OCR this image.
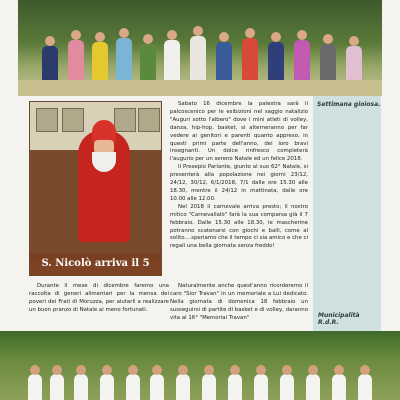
S. Nicolò arriva il 5

Sabato 16 dicembre la palestra sarà il palcoscenico per le esibizioni nel saggio natalizio "Auguri sotto l'albero" dove i mini atleti di volley, danza, hip-hop, basket, si alterneranno per far vedere ai genitori e parenti quanto appreso, in questi primi parte dell'anno, dei loro bravi insegnanti. Un dolce rinfresco completerà l'augurio per un sereno Natale ed un felice 2018.

Il Presepio Parlante, giunto al suo 62° Natale, si presenterà alla popolazione nei giorni 23/12, 24/12, 30/12, 6/1/2018, 7/1 dalle ore 15.30 alle 18.30, mentre il 24/12 in mattinata, dalle ore 10.00 alle 12.00.

Nel 2018 il carnevale arriva presto; il nostro mitico "Carnevallalò" farà la sua comparsa già il 7 febbraio. Dalle 15.30 alle 18.30, le mascherine potranno scatenarsi con giochi e balli, come al solito....speriamo che il tempo ci sia amico e che ci regali una bella giornata senza freddo!

Durante il mese di dicembre faremo una raccolta di generi alimentari per la mensa dei poveri dei Frati di Moruzza, per aiutarli a realizzare un buon pranzo di Natale ai meno fortunati.
Naturalmente anche quest'anno ricorderemo il caro "Sior Travan" in un memoriale a Lui dedicato. Nella giornata di domenica 18 febbraio un susseguirsi di partite di basket e di volley, daranno vita al 16° "Memorial Travan"
Settimana gioiosa.
Municipalità R.d.R.
